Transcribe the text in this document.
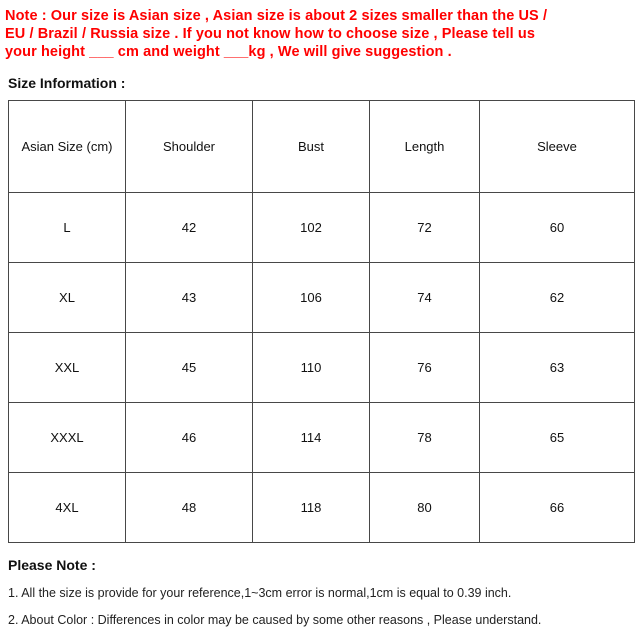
Note : Our size is Asian size , Asian size is about 2 sizes smaller than the US /
EU / Brazil / Russia size . If you not know how to choose size , Please tell us
your height ___ cm and weight ___kg , We will give suggestion .
Size Information :
Asian Size (cm)	Shoulder	Bust	Length	Sleeve
L	42	102	72	60
XL	43	106	74	62
XXL	45	110	76	63
XXXL	46	114	78	65
4XL	48	118	80	66
Please Note :
1. All the size is provide for your reference,1~3cm error is normal,1cm is equal to 0.39 inch.
2. About Color : Differences in color may be caused by some other reasons , Please understand.
